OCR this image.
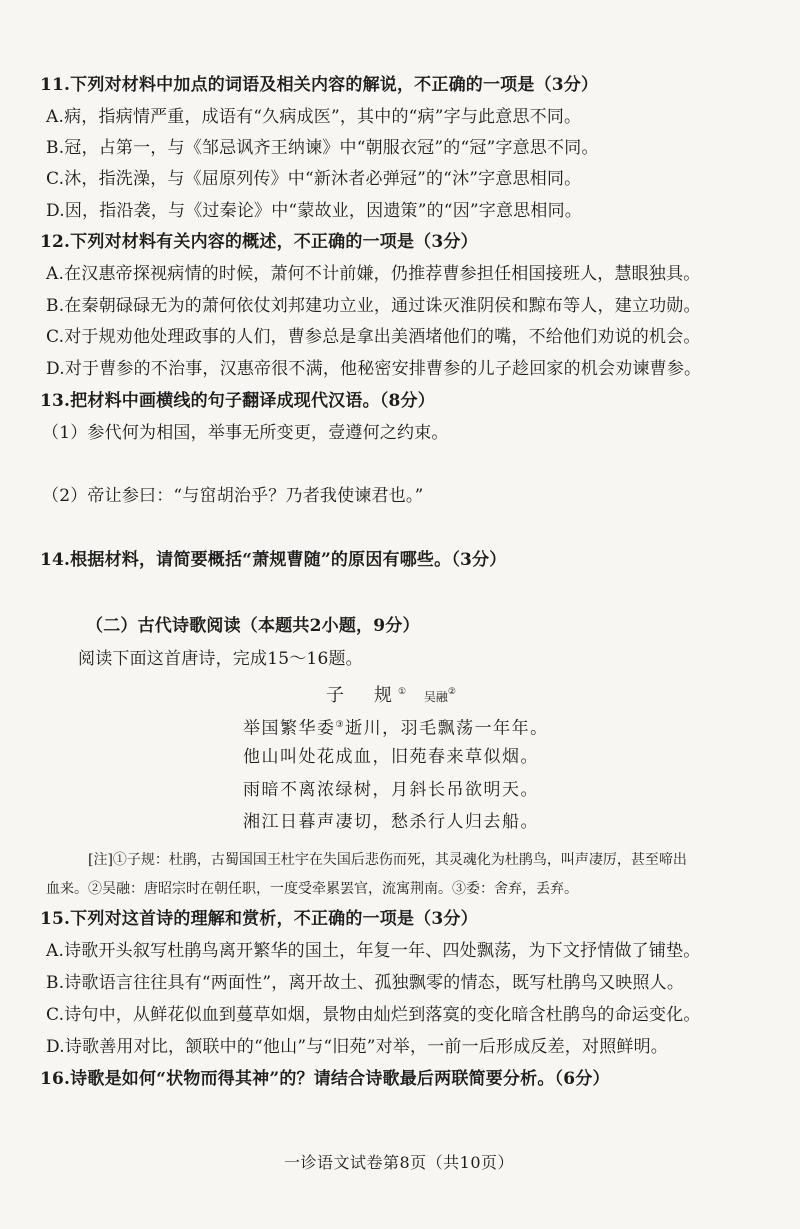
11.下列对材料中加点的词语及相关内容的解说，不正确的一项是（3分）
A.病，指病情严重，成语有“久病成医”，其中的“病”字与此意思不同。
B.冠，占第一，与《邹忌讽齐王纳谏》中“朝服衣冠”的“冠”字意思不同。
C.沐，指洗澡，与《屈原列传》中“新沐者必弹冠”的“沐”字意思相同。
D.因，指沿袭，与《过秦论》中“蒙故业，因遗策”的“因”字意思相同。
12.下列对材料有关内容的概述，不正确的一项是（3分）
A.在汉惠帝探视病情的时候，萧何不计前嫌，仍推荐曹参担任相国接班人，慧眼独具。
B.在秦朝碌碌无为的萧何依仗刘邦建功立业，通过诛灭淮阴侯和黥布等人，建立功勋。
C.对于规劝他处理政事的人们，曹参总是拿出美酒堵他们的嘴，不给他们劝说的机会。
D.对于曹参的不治事，汉惠帝很不满，他秘密安排曹参的儿子趁回家的机会劝谏曹参。
13.把材料中画横线的句子翻译成现代汉语。（8分）
（1）参代何为相国，举事无所变更，壹遵何之约束。
（2）帝让参曰：“与窋胡治乎？乃者我使谏君也。”
14.根据材料，请简要概括“萧规曹随”的原因有哪些。（3分）
（二）古代诗歌阅读（本题共2小题，9分）
阅读下面这首唐诗，完成15～16题。
子　规① 吴融②
举国繁华委③逝川，羽毛飘荡一年年。
他山叫处花成血，旧苑春来草似烟。
雨暗不离浓绿树，月斜长吊欲明天。
湘江日暮声凄切，愁杀行人归去船。
[注]①子规：杜鹃，古蜀国国王杜宇在失国后悲伤而死，其灵魂化为杜鹃鸟，叫声凄厉，甚至啼出
血来。②吴融：唐昭宗时在朝任职，一度受牵累罢官，流寓荆南。③委：舍弃，丢弃。
15.下列对这首诗的理解和赏析，不正确的一项是（3分）
A.诗歌开头叙写杜鹃鸟离开繁华的国土，年复一年、四处飘荡，为下文抒情做了铺垫。
B.诗歌语言往往具有“两面性”，离开故土、孤独飘零的情态，既写杜鹃鸟又映照人。
C.诗句中，从鲜花似血到蔓草如烟，景物由灿烂到落寞的变化暗含杜鹃鸟的命运变化。
D.诗歌善用对比，颔联中的“他山”与“旧苑”对举，一前一后形成反差，对照鲜明。
16.诗歌是如何“状物而得其神”的？请结合诗歌最后两联简要分析。（6分）
一诊语文试卷第8页（共10页）
